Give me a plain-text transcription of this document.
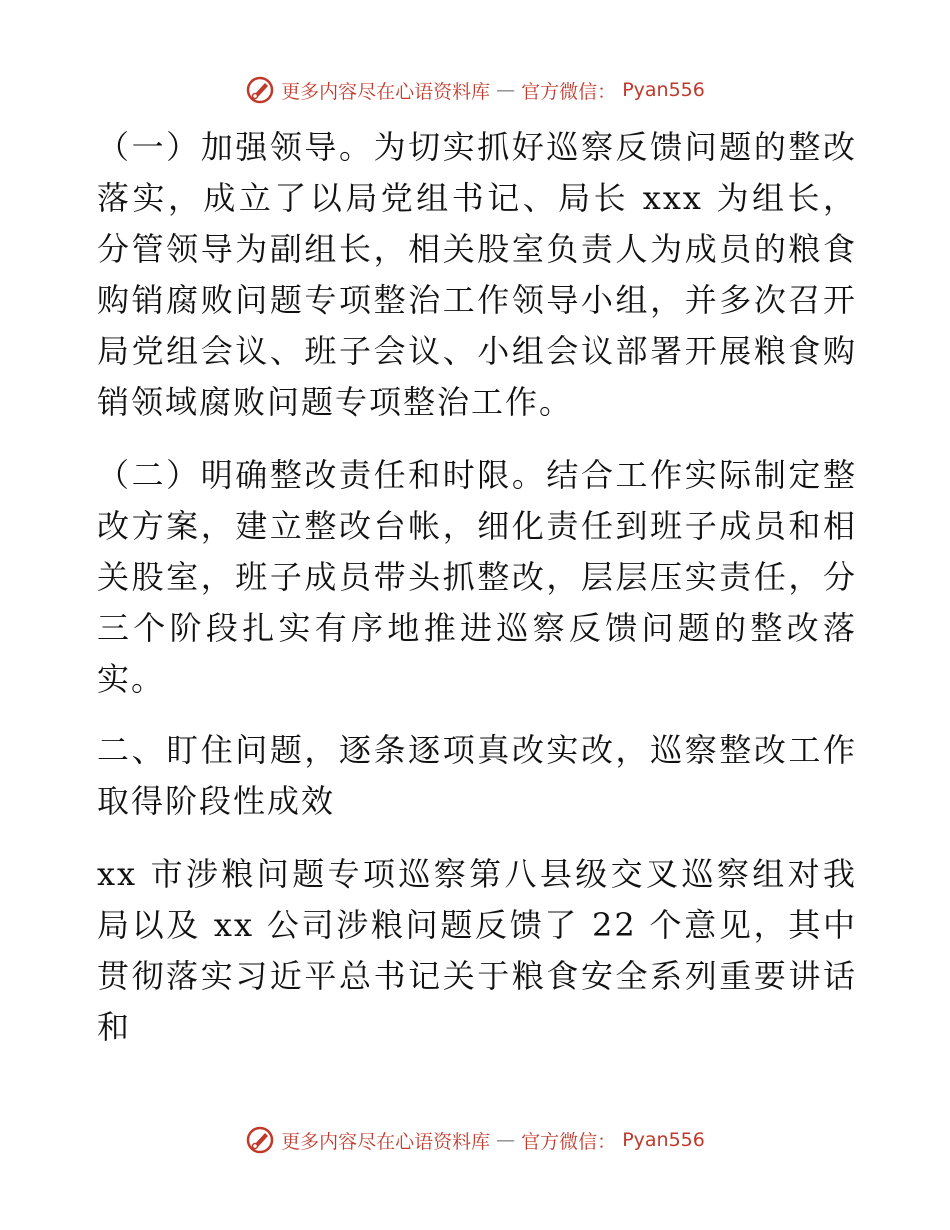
更多内容尽在心语资料库 — 官方微信： Pyan556

（一）加强领导。为切实抓好巡察反馈问题的整改落实，成立了以局党组书记、局长 xxx 为组长，分管领导为副组长，相关股室负责人为成员的粮食购销腐败问题专项整治工作领导小组，并多次召开局党组会议、班子会议、小组会议部署开展粮食购销领域腐败问题专项整治工作。

（二）明确整改责任和时限。结合工作实际制定整改方案，建立整改台帐，细化责任到班子成员和相关股室，班子成员带头抓整改，层层压实责任，分三个阶段扎实有序地推进巡察反馈问题的整改落实。

二、盯住问题，逐条逐项真改实改，巡察整改工作取得阶段性成效

xx 市涉粮问题专项巡察第八县级交叉巡察组对我局以及 xx 公司涉粮问题反馈了 22 个意见，其中贯彻落实习近平总书记关于粮食安全系列重要讲话和

更多内容尽在心语资料库 — 官方微信： Pyan556
